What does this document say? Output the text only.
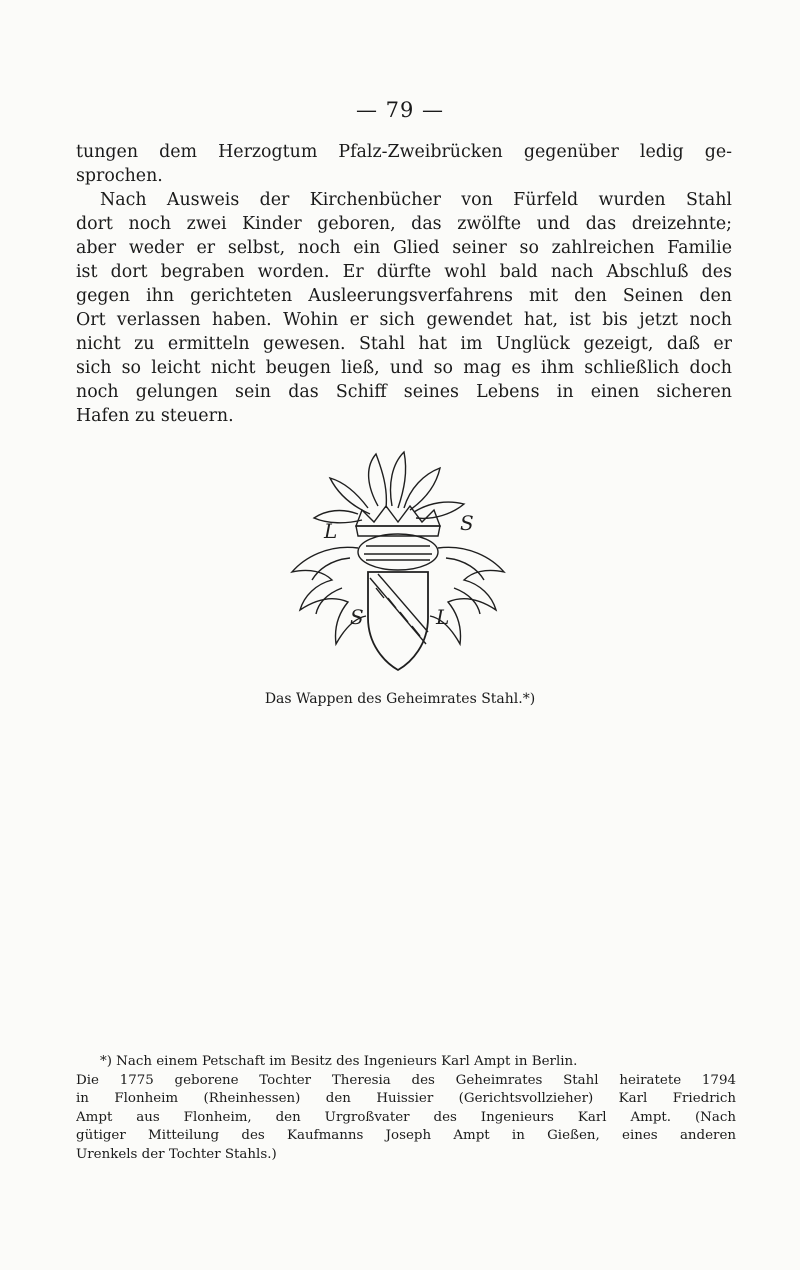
— 79 —
tungen dem Herzogtum Pfalz-Zweibrücken gegenüber ledig ge-
sprochen.
Nach Ausweis der Kirchenbücher von Fürfeld wurden Stahl
dort noch zwei Kinder geboren, das zwölfte und das dreizehnte;
aber weder er selbst, noch ein Glied seiner so zahlreichen Familie
ist dort begraben worden. Er dürfte wohl bald nach Abschluß des
gegen ihn gerichteten Ausleerungsverfahrens mit den Seinen den
Ort verlassen haben. Wohin er sich gewendet hat, ist bis jetzt noch
nicht zu ermitteln gewesen. Stahl hat im Unglück gezeigt, daß er
sich so leicht nicht beugen ließ, und so mag es ihm schließlich doch
noch gelungen sein das Schiff seines Lebens in einen sicheren
Hafen zu steuern.
L	S
S	L
Das Wappen des Geheimrates Stahl.*)
*) Nach einem Petschaft im Besitz des Ingenieurs Karl Ampt in Berlin.
Die 1775 geborene Tochter Theresia des Geheimrates Stahl heiratete 1794
in Flonheim (Rheinhessen) den Huissier (Gerichtsvollzieher) Karl Friedrich
Ampt aus Flonheim, den Urgroßvater des Ingenieurs Karl Ampt. (Nach
gütiger Mitteilung des Kaufmanns Joseph Ampt in Gießen, eines anderen
Urenkels der Tochter Stahls.)
